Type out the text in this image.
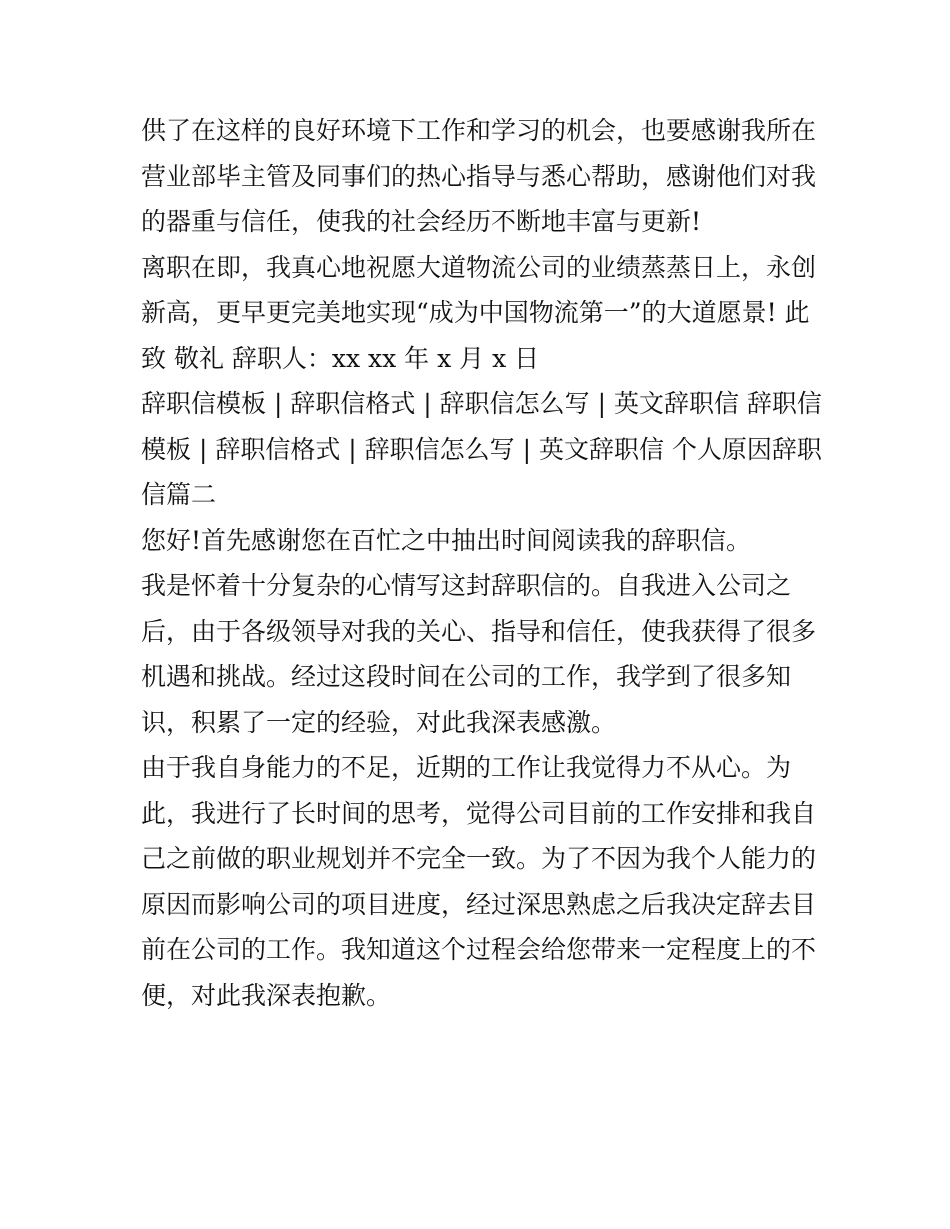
供了在这样的良好环境下工作和学习的机会，也要感谢我所在
营业部毕主管及同事们的热心指导与悉心帮助，感谢他们对我
的器重与信任，使我的社会经历不断地丰富与更新!
离职在即，我真心地祝愿大道物流公司的业绩蒸蒸日上，永创
新高，更早更完美地实现“成为中国物流第一”的大道愿景! 此
致 敬礼 辞职人：xx xx 年 x 月 x 日
辞职信模板 | 辞职信格式 | 辞职信怎么写 | 英文辞职信 辞职信
模板 | 辞职信格式 | 辞职信怎么写 | 英文辞职信 个人原因辞职
信篇二
您好!首先感谢您在百忙之中抽出时间阅读我的辞职信。
我是怀着十分复杂的心情写这封辞职信的。自我进入公司之
后，由于各级领导对我的关心、指导和信任，使我获得了很多
机遇和挑战。经过这段时间在公司的工作，我学到了很多知
识，积累了一定的经验，对此我深表感激。
由于我自身能力的不足，近期的工作让我觉得力不从心。为
此，我进行了长时间的思考，觉得公司目前的工作安排和我自
己之前做的职业规划并不完全一致。为了不因为我个人能力的
原因而影响公司的项目进度，经过深思熟虑之后我决定辞去目
前在公司的工作。我知道这个过程会给您带来一定程度上的不
便，对此我深表抱歉。
